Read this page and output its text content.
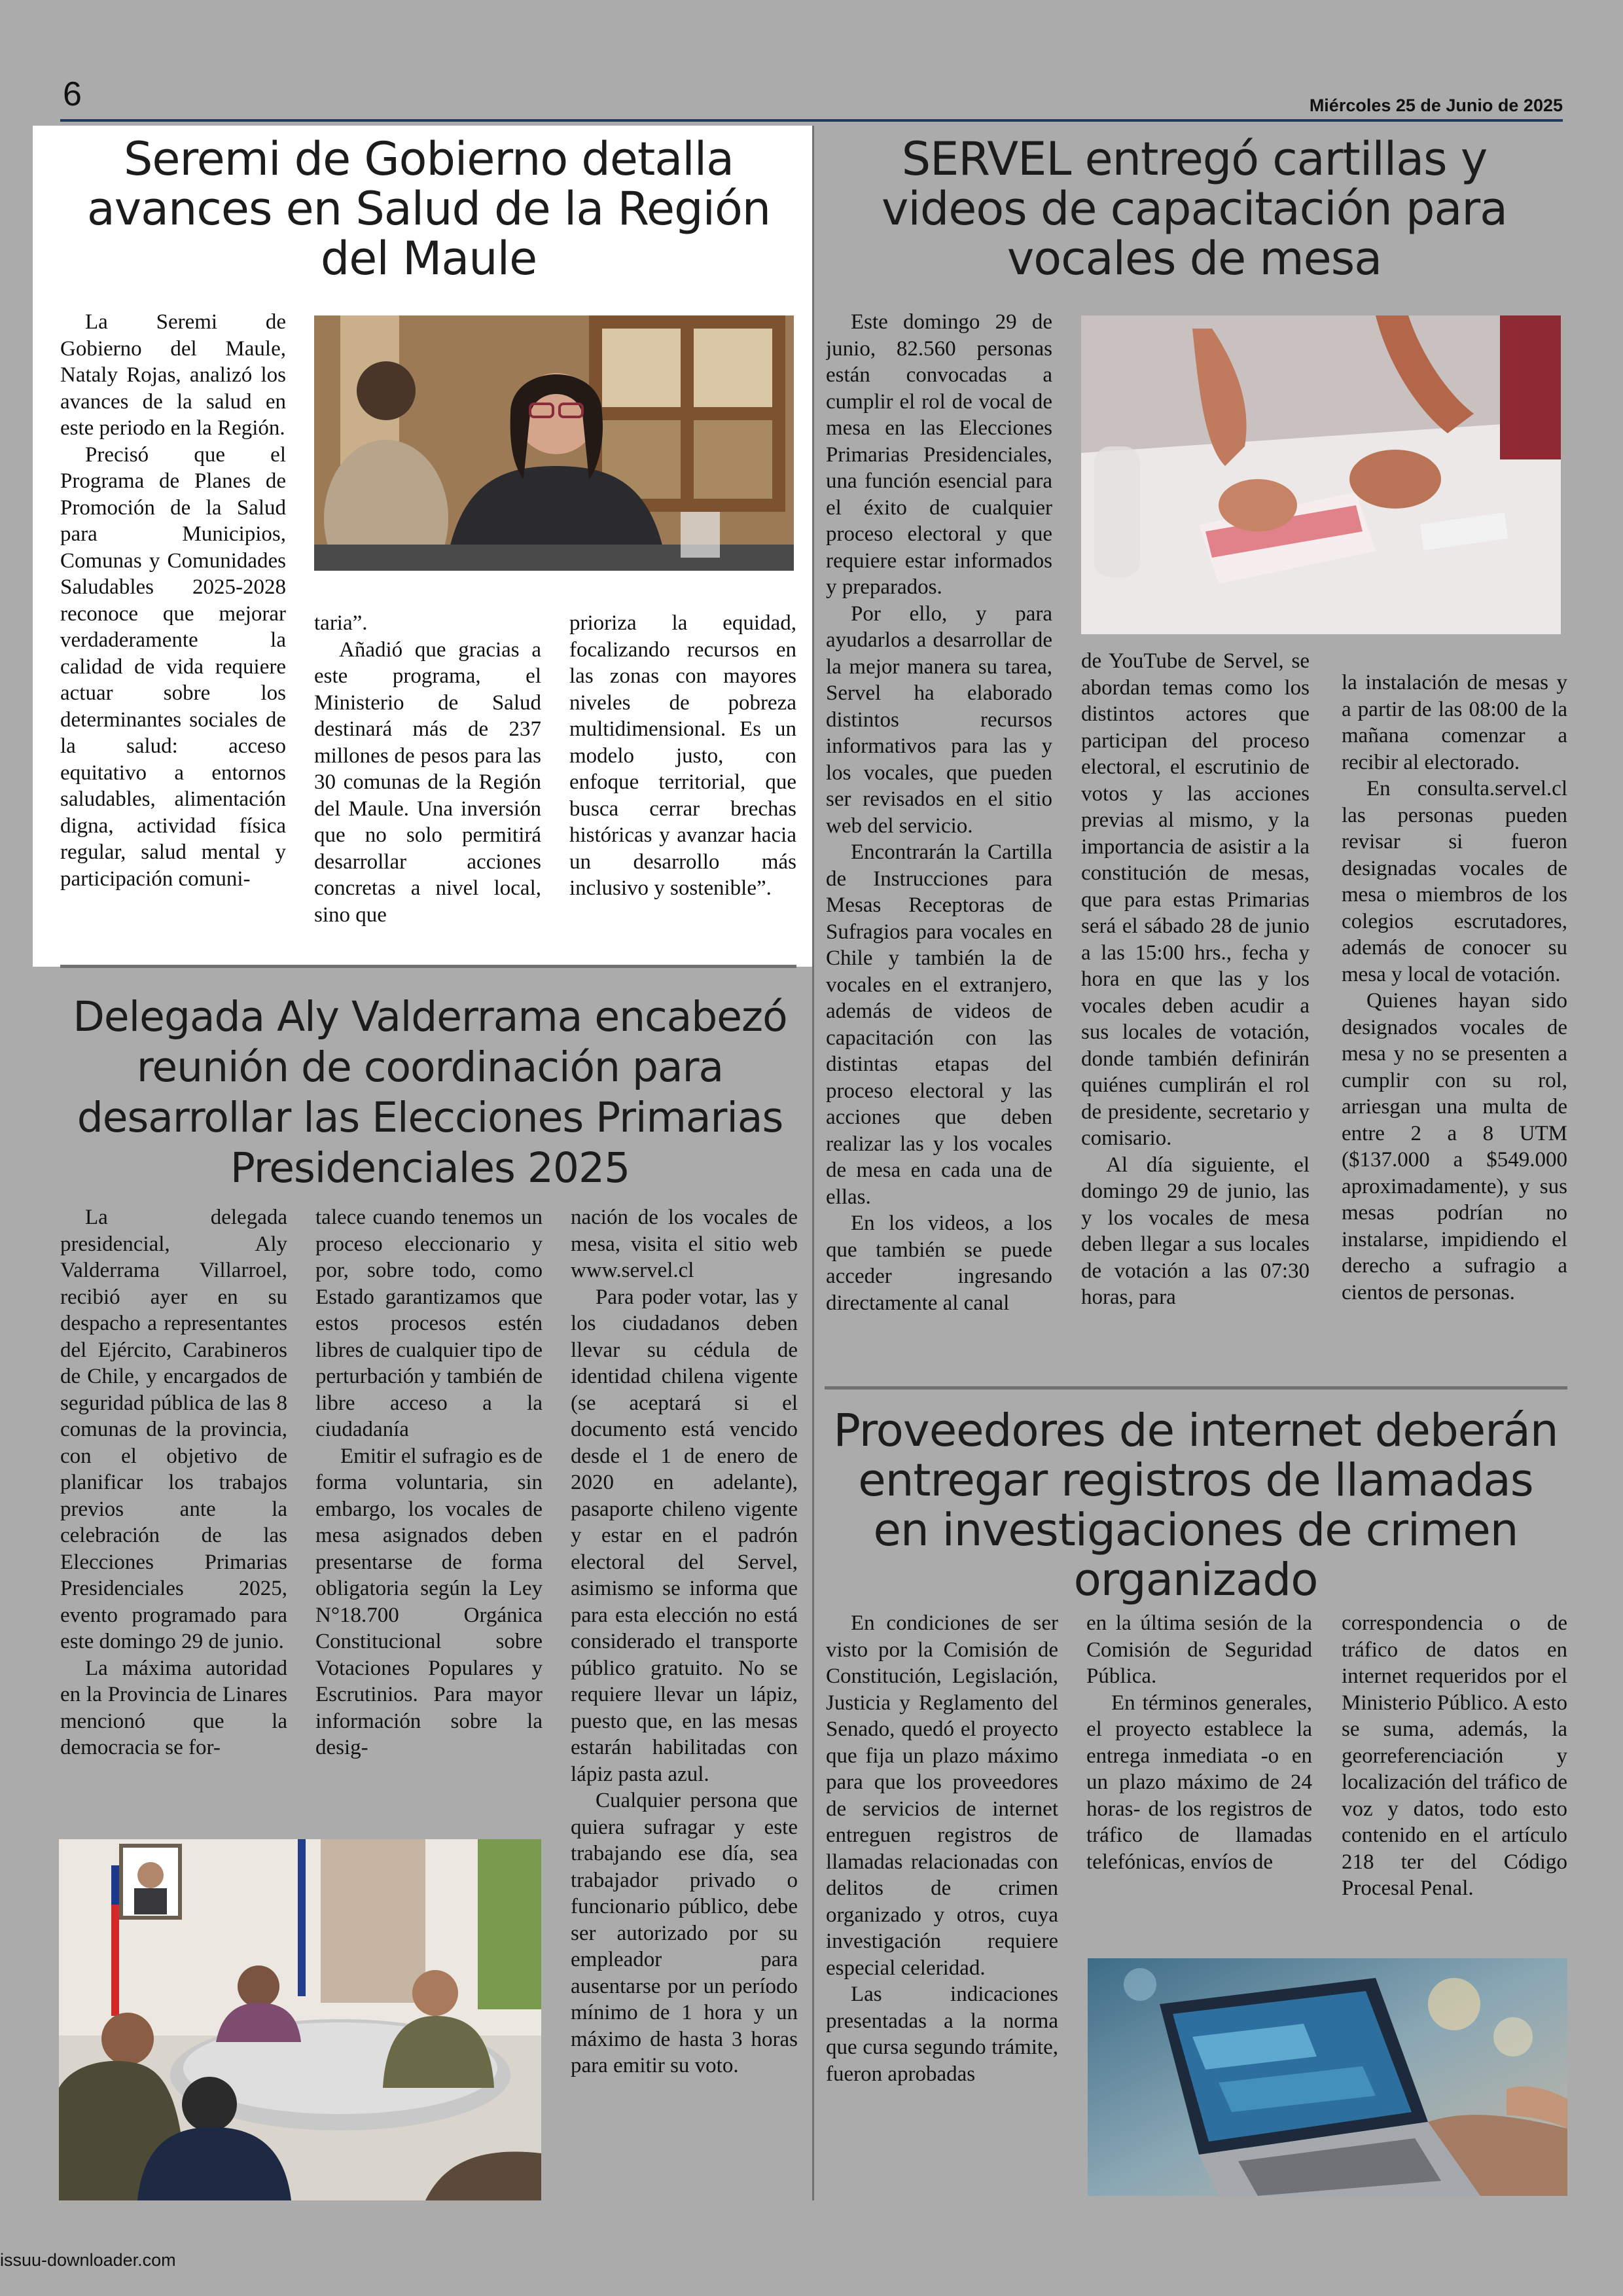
6	Miércoles 25 de Junio de 2025
Seremi de Gobierno detalla avances en Salud de la Región del Maule

La Seremi de Gobierno del Maule, Nataly Rojas, analizó los avances de la salud en este periodo en la Región.

Precisó que el Programa de Planes de Promoción de la Salud para Municipios, Comunas y Comunidades Saludables 2025-2028 reconoce que mejorar verdaderamente la calidad de vida requiere actuar sobre los determinantes sociales de la salud: acceso equitativo a entornos saludables, alimentación digna, actividad física regular, salud mental y participación comuni-

taria”.

Añadió que gracias a este programa, el Ministerio de Salud destinará más de 237 millones de pesos para las 30 comunas de la Región del Maule. Una inversión que no solo permitirá desarrollar acciones concretas a nivel local, sino que

prioriza la equidad, focalizando recursos en las zonas con mayores niveles de pobreza multidimensional. Es un modelo justo, con enfoque territorial, que busca cerrar brechas históricas y avanzar hacia un desarrollo más inclusivo y sostenible”.

SERVEL entregó cartillas y videos de capacitación para vocales de mesa

Este domingo 29 de junio, 82.560 personas están convocadas a cumplir el rol de vocal de mesa en las Elecciones Primarias Presidenciales, una función esencial para el éxito de cualquier proceso electoral y que requiere estar informados y preparados.

Por ello, y para ayudarlos a desarrollar de la mejor manera su tarea, Servel ha elaborado distintos recursos informativos para las y los vocales, que pueden ser revisados en el sitio web del servicio.

Encontrarán la Cartilla de Instrucciones para Mesas Receptoras de Sufragios para vocales en Chile y también la de vocales en el extranjero, además de videos de capacitación con las distintas etapas del proceso electoral y las acciones que deben realizar las y los vocales de mesa en cada una de ellas.

En los videos, a los que también se puede acceder ingresando directamente al canal

de YouTube de Servel, se abordan temas como los distintos actores que participan del proceso electoral, el escrutinio de votos y las acciones previas al mismo, y la importancia de asistir a la constitución de mesas, que para estas Primarias será el sábado 28 de junio a las 15:00 hrs., fecha y hora en que las y los vocales deben acudir a sus locales de votación, donde también definirán quiénes cumplirán el rol de presidente, secretario y comisario.

Al día siguiente, el domingo 29 de junio, las y los vocales de mesa deben llegar a sus locales de votación a las 07:30 horas, para

la instalación de mesas y a partir de las 08:00 de la mañana comenzar a recibir al electorado.

En consulta.servel.cl las personas pueden revisar si fueron designadas vocales de mesa o miembros de los colegios escrutadores, además de conocer su mesa y local de votación.

Quienes hayan sido designados vocales de mesa y no se presenten a cumplir con su rol, arriesgan una multa de entre 2 a 8 UTM ($137.000 a $549.000 aproximadamente), y sus mesas podrían no instalarse, impidiendo el derecho a sufragio a cientos de personas.

Delegada Aly Valderrama encabezó reunión de coordinación para desarrollar las Elecciones Primarias Presidenciales 2025

La delegada presidencial, Aly Valderrama Villarroel, recibió ayer en su despacho a representantes del Ejército, Carabineros de Chile, y encargados de seguridad pública de las 8 comunas de la provincia, con el objetivo de planificar los trabajos previos ante la celebración de las Elecciones Primarias Presidenciales 2025, evento programado para este domingo 29 de junio.

La máxima autoridad en la Provincia de Linares mencionó que la democracia se for-

talece cuando tenemos un proceso eleccionario y por, sobre todo, como Estado garantizamos que estos procesos estén libres de cualquier tipo de perturbación y también de libre acceso a la ciudadanía

Emitir el sufragio es de forma voluntaria, sin embargo, los vocales de mesa asignados deben presentarse de forma obligatoria según la Ley N°18.700 Orgánica Constitucional sobre Votaciones Populares y Escrutinios. Para mayor información sobre la desig-

nación de los vocales de mesa, visita el sitio web www.servel.cl

Para poder votar, las y los ciudadanos deben llevar su cédula de identidad chilena vigente (se aceptará si el documento está vencido desde el 1 de enero de 2020 en adelante), pasaporte chileno vigente y estar en el padrón electoral del Servel, asimismo se informa que para esta elección no está considerado el transporte público gratuito. No se requiere llevar un lápiz, puesto que, en las mesas estarán habilitadas con lápiz pasta azul.

Cualquier persona que quiera sufragar y este trabajando ese día, sea trabajador privado o funcionario público, debe ser autorizado por su empleador para ausentarse por un período mínimo de 1 hora y un máximo de hasta 3 horas para emitir su voto.

Proveedores de internet deberán entregar registros de llamadas en investigaciones de crimen organizado

En condiciones de ser visto por la Comisión de Constitución, Legislación, Justicia y Reglamento del Senado, quedó el proyecto que fija un plazo máximo para que los proveedores de servicios de internet entreguen registros de llamadas relacionadas con delitos de crimen organizado y otros, cuya investigación requiere especial celeridad.

Las indicaciones presentadas a la norma que cursa segundo trámite, fueron aprobadas

en la última sesión de la Comisión de Seguridad Pública.

En términos generales, el proyecto establece la entrega inmediata -o en un plazo máximo de 24 horas- de los registros de tráfico de llamadas telefónicas, envíos de

correspondencia o de tráfico de datos en internet requeridos por el Ministerio Público. A esto se suma, además, la georreferenciación y localización del tráfico de voz y datos, todo esto contenido en el artículo 218 ter del Código Procesal Penal.

issuu-downloader.com
